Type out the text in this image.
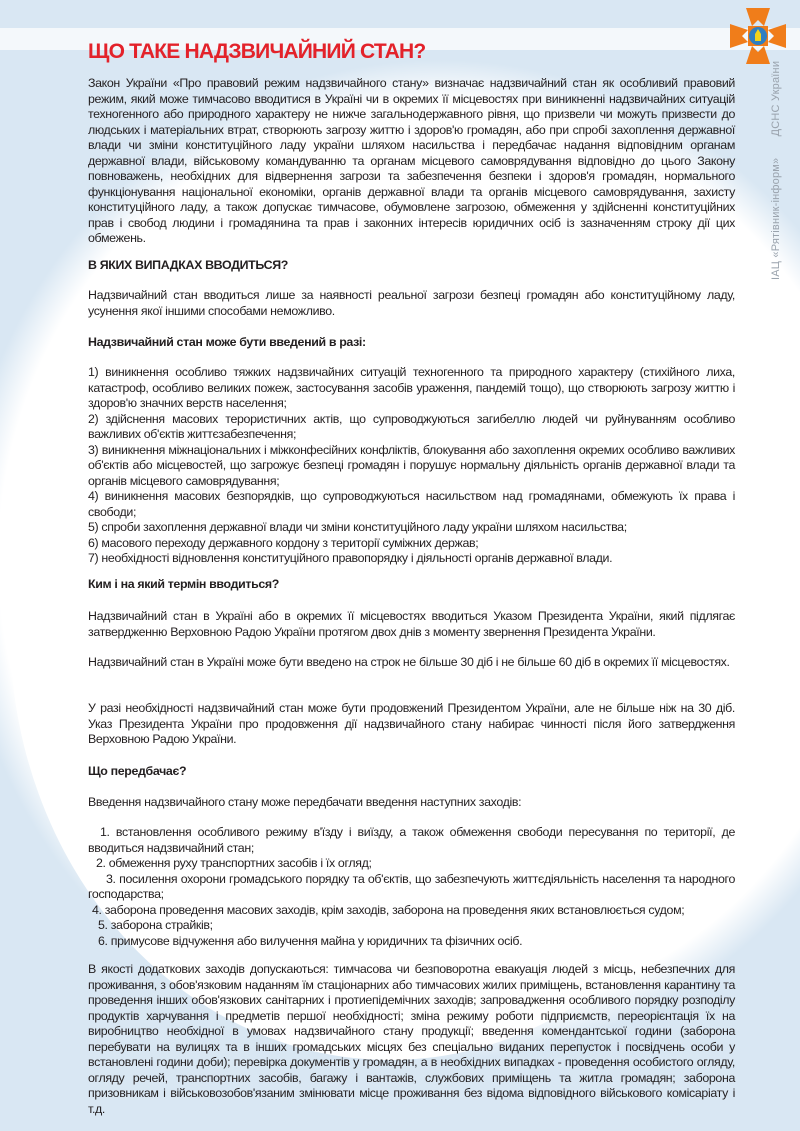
ІАЦ «Рятівник-інформ» ДСНС України
ЩО ТАКЕ НАДЗВИЧАЙНИЙ СТАН?
Закон України «Про правовий режим надзвичайного стану» визначає надзвичайний стан як особливий правовий режим, який може тимчасово вводитися в Україні чи в окремих її місцевостях при виникненні надзвичайних ситуацій техногенного або природного характеру не нижче загальнодержавного рівня, що призвели чи можуть призвести до людських і матеріальних втрат, створюють загрозу життю і здоров'ю громадян, або при спробі захоплення державної влади чи зміни конституційного ладу україни шляхом насильства і передбачає надання відповідним органам державної влади, військовому командуванню та органам місцевого самоврядування відповідно до цього Закону повноважень, необхідних для відвернення загрози та забезпечення безпеки і здоров'я громадян, нормального функціонування національної економіки, органів державної влади та органів місцевого самоврядування, захисту конституційного ладу, а також допускає тимчасове, обумовлене загрозою, обмеження у здійсненні конституційних прав і свобод людини і громадянина та прав і законних інтересів юридичних осіб із зазначенням строку дії цих обмежень.
В ЯКИХ ВИПАДКАХ ВВОДИТЬСЯ?
Надзвичайний стан вводиться лише за наявності реальної загрози безпеці громадян або конституційному ладу, усунення якої іншими способами неможливо.
Надзвичайний стан може бути введений в разі:
1) виникнення особливо тяжких надзвичайних ситуацій техногенного та природного характеру (стихійного лиха, катастроф, особливо великих пожеж, застосування засобів ураження, пандемій тощо), що створюють загрозу життю і здоров'ю значних верств населення;
2) здійснення масових терористичних актів, що супроводжуються загибеллю людей чи руйнуванням особливо важливих об'єктів життєзабезпечення;
3) виникнення міжнаціональних і міжконфесійних конфліктів, блокування або захоплення окремих особливо важливих об'єктів або місцевостей, що загрожує безпеці громадян і порушує нормальну діяльність органів державної влади та органів місцевого самоврядування;
4) виникнення масових безпорядків, що супроводжуються насильством над громадянами, обмежують їх права і свободи;
5) спроби захоплення державної влади чи зміни конституційного ладу україни шляхом насильства;
6) масового переходу державного кордону з території суміжних держав;
7) необхідності відновлення конституційного правопорядку і діяльності органів державної влади.
Ким і на який термін вводиться?
Надзвичайний стан в Україні або в окремих її місцевостях вводиться Указом Президента України, який підлягає затвердженню Верховною Радою України протягом двох днів з моменту звернення Президента України.
Надзвичайний стан в Україні може бути введено на строк не більше 30 діб і не більше 60 діб в окремих її місцевостях.
У разі необхідності надзвичайний стан може бути продовжений Президентом України, але не більше ніж на 30 діб. Указ Президента України про продовження дії надзвичайного стану набирає чинності після його затвердження Верховною Радою України.
Що передбачає?
Введення надзвичайного стану може передбачати введення наступних заходів:
1. встановлення особливого режиму в'їзду і виїзду, а також обмеження свободи пересування по території, де вводиться надзвичайний стан;
2. обмеження руху транспортних засобів і їх огляд;
3. посилення охорони громадського порядку та об'єктів, що забезпечують життєдіяльність населення та народного господарства;
4. заборона проведення масових заходів, крім заходів, заборона на проведення яких встановлюється судом;
5. заборона страйків;
6. примусове відчуження або вилучення майна у юридичних та фізичних осіб.
В якості додаткових заходів допускаються: тимчасова чи безповоротна евакуація людей з місць, небезпечних для проживання, з обов'язковим наданням їм стаціонарних або тимчасових жилих приміщень, встановлення карантину та проведення інших обов'язкових санітарних і протиепідемічних заходів; запровадження особливого порядку розподілу продуктів харчування і предметів першої необхідності; зміна режиму роботи підприємств, переорієнтація їх на виробництво необхідної в умовах надзвичайного стану продукції; введення комендантської години (заборона перебувати на вулицях та в інших громадських місцях без спеціально виданих перепусток і посвідчень особи у встановлені години доби); перевірка документів у громадян, а в необхідних випадках - проведення особистого огляду, огляду речей, транспортних засобів, багажу і вантажів, службових приміщень та житла громадян; заборона призовникам і військовозобов'язаним змінювати місце проживання без відома відповідного військового комісаріату і т.д.
